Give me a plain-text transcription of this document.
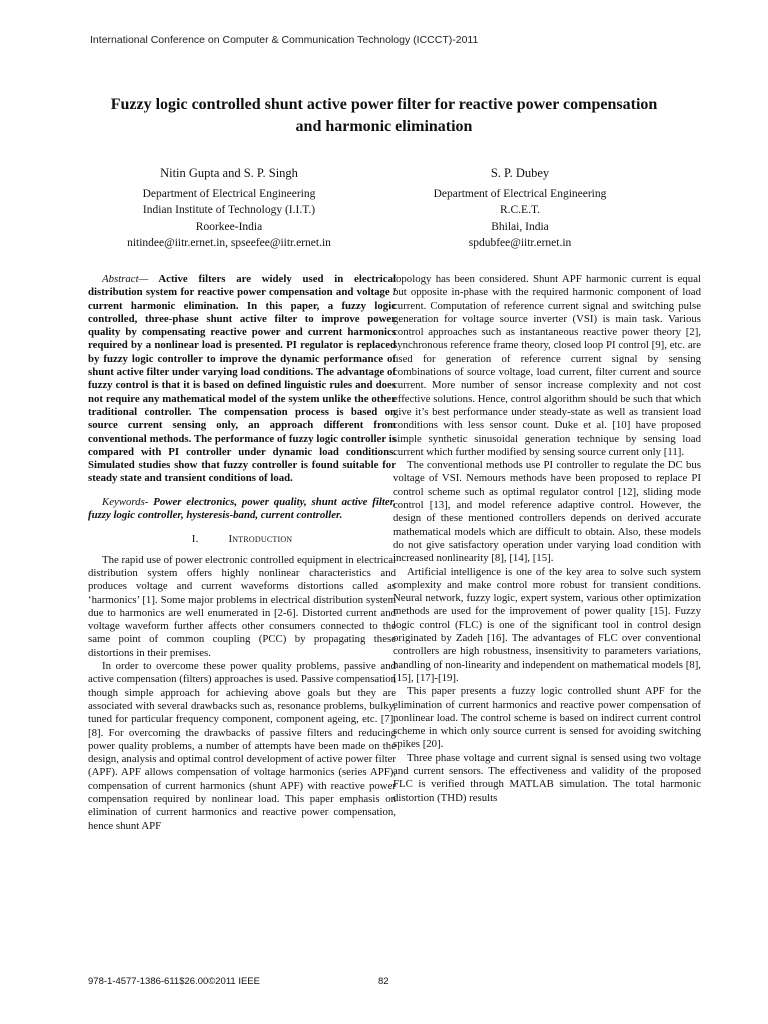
International Conference on Computer & Communication Technology (ICCCT)-2011
Fuzzy logic controlled shunt active power filter for reactive power compensation
and harmonic elimination
Nitin Gupta and S. P. Singh
Department of Electrical Engineering
Indian Institute of Technology (I.I.T.)
Roorkee-India
nitindee@iitr.ernet.in, spseefee@iitr.ernet.in
S. P. Dubey
Department of Electrical Engineering
R.C.E.T.
Bhilai, India
spdubfee@iitr.ernet.in

Abstract— Active filters are widely used in electrical distribution system for reactive power compensation and voltage / current harmonic elimination. In this paper, a fuzzy logic controlled, three-phase shunt active filter to improve power quality by compensating reactive power and current harmonics required by a nonlinear load is presented. PI regulator is replaced by fuzzy logic controller to improve the dynamic performance of shunt active filter under varying load conditions. The advantage of fuzzy control is that it is based on defined linguistic rules and does not require any mathematical model of the system unlike the other traditional controller. The compensation process is based on source current sensing only, an approach different from conventional methods. The performance of fuzzy logic controller is compared with PI controller under dynamic load conditions. Simulated studies show that fuzzy controller is found suitable for steady state and transient conditions of load.

Keywords- Power electronics, power quality, shunt active filter, fuzzy logic controller, hysteresis-band, current controller.

I.	Introduction

The rapid use of power electronic controlled equipment in electrical distribution system offers highly nonlinear characteristics and produces voltage and current waveforms distortions called as ‘harmonics’ [1]. Some major problems in electrical distribution system due to harmonics are well enumerated in [2-6]. Distorted current and voltage waveform further affects other consumers connected to the same point of common coupling (PCC) by propagating these distortions in their premises.

In order to overcome these power quality problems, passive and active compensation (filters) approaches is used. Passive compensation though simple approach for achieving above goals but they are associated with several drawbacks such as, resonance problems, bulky, tuned for particular frequency component, component ageing, etc. [7], [8]. For overcoming the drawbacks of passive filters and reducing power quality problems, a number of attempts have been made on the design, analysis and optimal control development of active power filter (APF). APF allows compensation of voltage harmonics (series APF), compensation of current harmonics (shunt APF) with reactive power compensation required by nonlinear load. This paper emphasis on elimination of current harmonics and reactive power compensation, hence shunt APF

topology has been considered. Shunt APF harmonic current is equal but opposite in-phase with the required harmonic component of load current. Computation of reference current signal and switching pulse generation for voltage source inverter (VSI) is main task. Various control approaches such as instantaneous reactive power theory [2], synchronous reference frame theory, closed loop PI control [9], etc. are used for generation of reference current signal by sensing combinations of source voltage, load current, filter current and source current. More number of sensor increase complexity and not cost effective solutions. Hence, control algorithm should be such that which give it’s best performance under steady-state as well as transient load conditions with less sensor count. Duke et al. [10] have proposed simple synthetic sinusoidal generation technique by sensing load current which further modified by sensing source current only [11].

The conventional methods use PI controller to regulate the DC bus voltage of VSI. Nemours methods have been proposed to replace PI control scheme such as optimal regulator control [12], sliding mode control [13], and model reference adaptive control. However, the design of these mentioned controllers depends on derived accurate mathematical models which are difficult to obtain. Also, these models do not give satisfactory operation under varying load condition with increased nonlinearity [8], [14], [15].

Artificial intelligence is one of the key area to solve such system complexity and make control more robust for transient conditions. Neural network, fuzzy logic, expert system, various other optimization methods are used for the improvement of power quality [15]. Fuzzy logic control (FLC) is one of the significant tool in control design originated by Zadeh [16]. The advantages of FLC over conventional controllers are high robustness, insensitivity to parameters variations, handling of non-linearity and independent on mathematical models [8], [15], [17]-[19].

This paper presents a fuzzy logic controlled shunt APF for the elimination of current harmonics and reactive power compensation of nonlinear load. The control scheme is based on indirect current control scheme in which only source current is sensed for avoiding switching spikes [20].

Three phase voltage and current signal is sensed using two voltage and current sensors. The effectiveness and validity of the proposed FLC is verified through MATLAB simulation. The total harmonic distortion (THD) results

978-1-4577-1386-611$26.00©2011 IEEE	82
